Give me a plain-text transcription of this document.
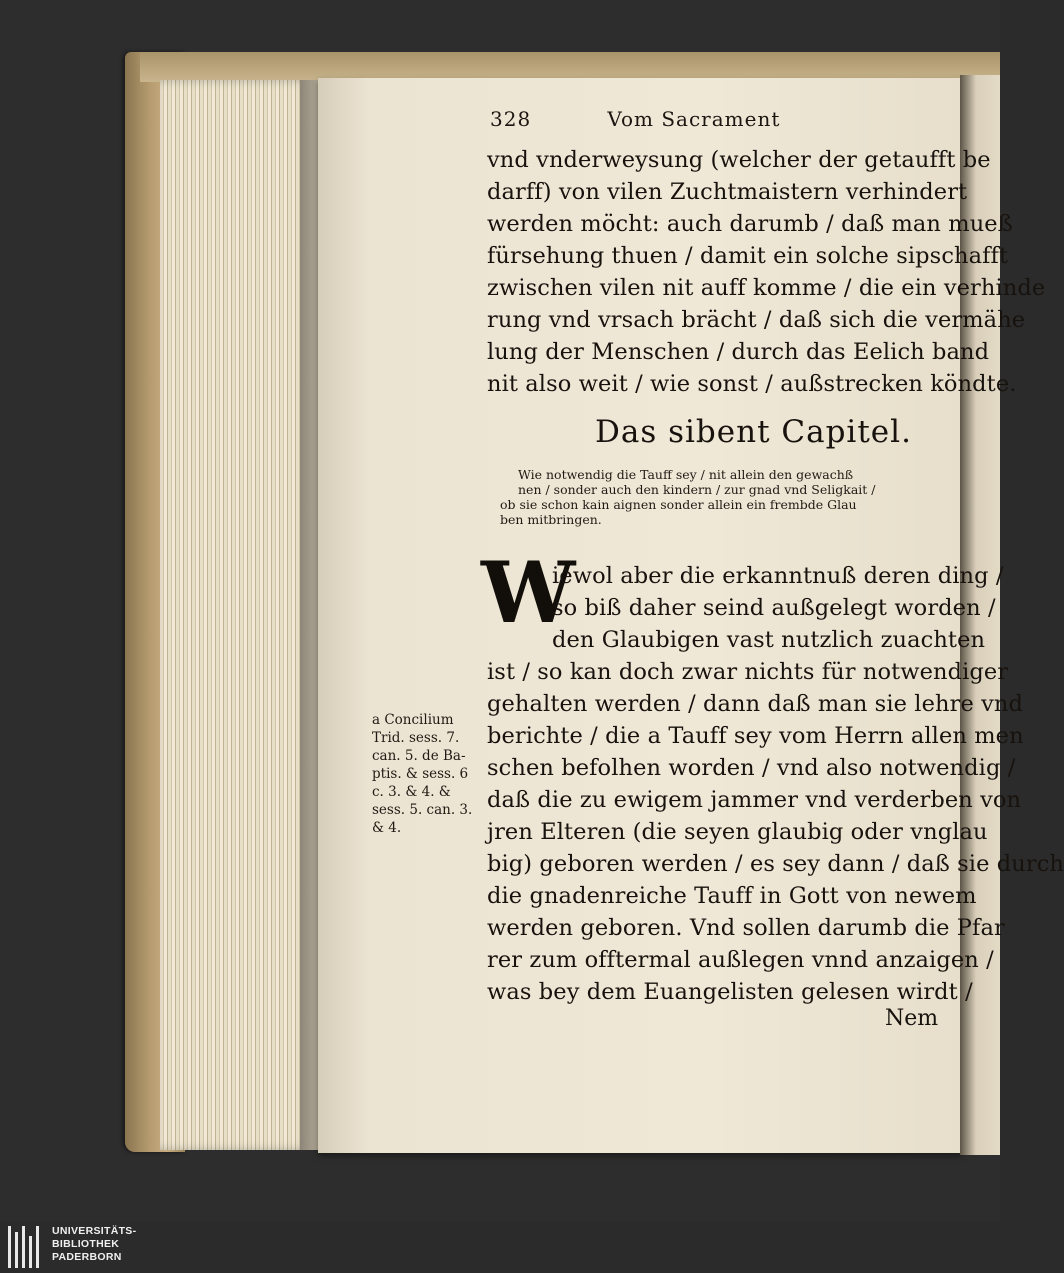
328	Vom Sacrament
vnd vnderweysung (welcher der getaufft be
darff) von vilen Zuchtmaistern verhindert
werden möcht: auch darumb / daß man mueß
fürsehung thuen / damit ein solche sipschafft
zwischen vilen nit auff komme / die ein verhinde
rung vnd vrsach brächt / daß sich die vermähe
lung der Menschen / durch das Eelich band
nit also weit / wie sonst / außstrecken köndte.
Das sibent Capitel.
Wie notwendig die Tauff sey / nit allein den gewachß
nen / sonder auch den kindern / zur gnad vnd Seligkait /
ob sie schon kain aignen sonder allein ein frembde Glau
ben mitbringen.
W
iewol aber die erkanntnuß deren ding /
so biß daher seind außgelegt worden /
den Glaubigen vast nutzlich zuachten
ist / so kan doch zwar nichts für notwendiger
gehalten werden / dann daß man sie lehre vnd
berichte / die a Tauff sey vom Herrn allen men
schen befolhen worden / vnd also notwendig /
daß die zu ewigem jammer vnd verderben von
jren Elteren (die seyen glaubig oder vnglau
big) geboren werden / es sey dann / daß sie durch
die gnadenreiche Tauff in Gott von newem
werden geboren. Vnd sollen darumb die Pfar
rer zum offtermal außlegen vnnd anzaigen /
was bey dem Euangelisten gelesen wirdt /
a Concilium
Trid. sess. 7.
can. 5. de Ba-
ptis. & sess. 6
c. 3. & 4. &
sess. 5. can. 3.
& 4.
Nem
UNIVERSITÄTS-
BIBLIOTHEK
PADERBORN
